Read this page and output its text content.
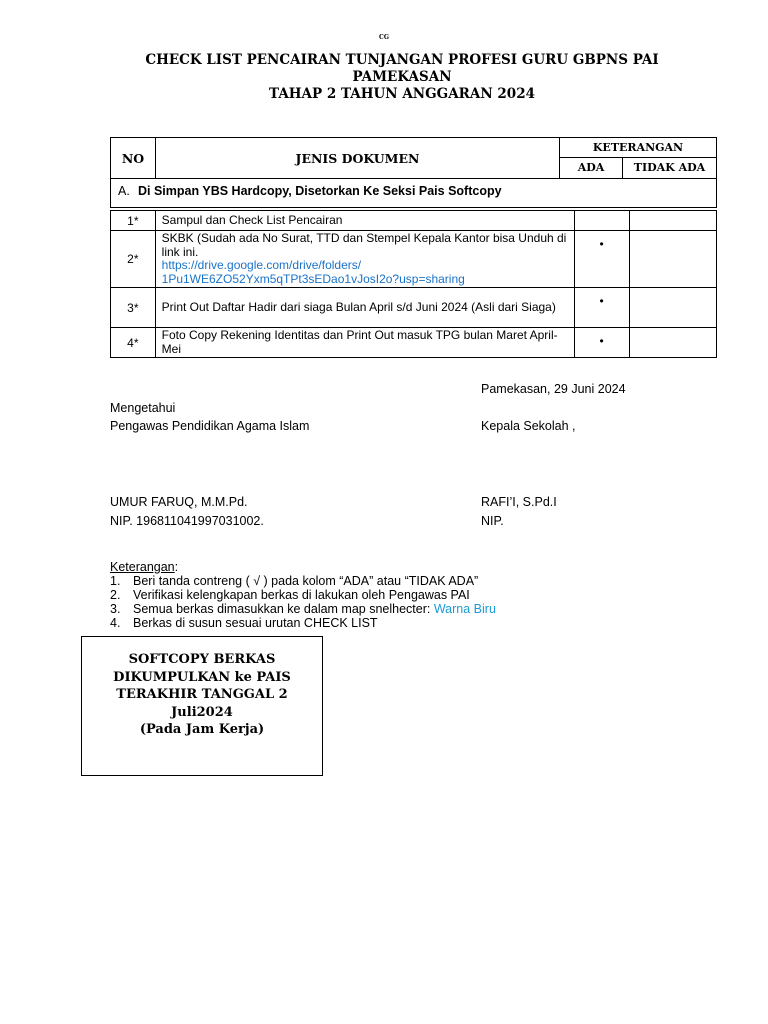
CG
CHECK LIST PENCAIRAN TUNJANGAN PROFESI GURU GBPNS PAI
PAMEKASAN
TAHAP 2 TAHUN ANGGARAN 2024
NO	JENIS DOKUMEN	KETERANGAN	
		ADA	TIDAK ADA
A. Di Simpan YBS Hardcopy, Disetorkan Ke Seksi Pais Softcopy
1*	Sampul dan Check List Pencairan		
2*	SKBK (Sudah ada No Surat, TTD dan Stempel Kepala Kantor bisa Unduh di link ini.
https://drive.google.com/drive/folders/
1Pu1WE6ZO52Yxm5qTPt3sEDao1vJosI2o?usp=sharing	•	
3*	Print Out Daftar Hadir dari siaga Bulan April s/d Juni 2024 (Asli dari Siaga)	•	
4*	Foto Copy Rekening Identitas dan Print Out masuk TPG bulan Maret April-Mei	•	
Pamekasan, 29 Juni 2024
Mengetahui
Pengawas Pendidikan Agama Islam	Kepala Sekolah ,
UMUR FARUQ, M.M.Pd.	RAFI’I, S.Pd.I
NIP. 196811041997031002.	NIP.
Keterangan:
1. Beri tanda contreng ( √ ) pada kolom “ADA” atau “TIDAK ADA”
2. Verifikasi kelengkapan berkas di lakukan oleh Pengawas PAI
3. Semua berkas dimasukkan ke dalam map snelhecter: Warna Biru
4. Berkas di susun sesuai urutan CHECK LIST
SOFTCOPY BERKAS
DIKUMPULKAN ke PAIS
TERAKHIR TANGGAL 2
Juli2024
(Pada Jam Kerja)
